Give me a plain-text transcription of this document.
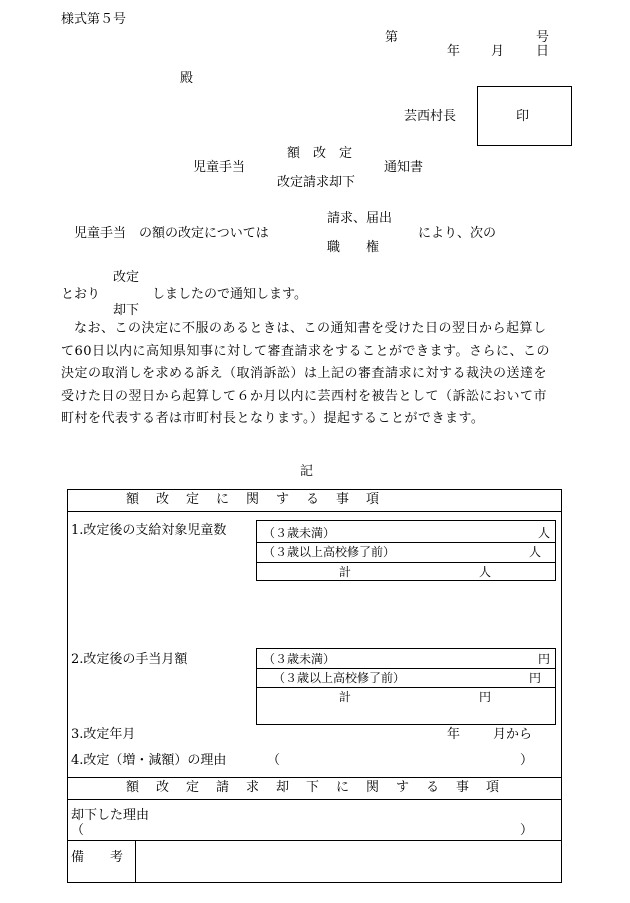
様式第５号
第	号
年 月 日
殿
芸西村長	印
児童手当
額　改　定
改定請求却下
通知書
児童手当　の額の改定については
請求、届出
職　　権
により、次の
改定
とおり
却下
しましたので通知します。
なお、この決定に不服のあるときは、この通知書を受けた日の翌日から起算して60日以内に高知県知事に対して審査請求をすることができます。さらに、この決定の取消しを求める訴え（取消訴訟）は上記の審査請求に対する裁決の送達を受けた日の翌日から起算して６か月以内に芸西村を被告として（訴訟において市町村を代表する者は市町村長となります。）提起することができます。
記
額改定に関する事項
1.改定後の支給対象児童数	（３歳未満）	人
（３歳以上高校修了前）	人
計	人
2.改定後の手当月額	（３歳未満）	円
（３歳以上高校修了前）	円
計	円
3.改定年月	年	月から
4.改定（増・減額）の理由	（	）
額改定請求却下に関する事項
却下した理由
（	）
備　　考
